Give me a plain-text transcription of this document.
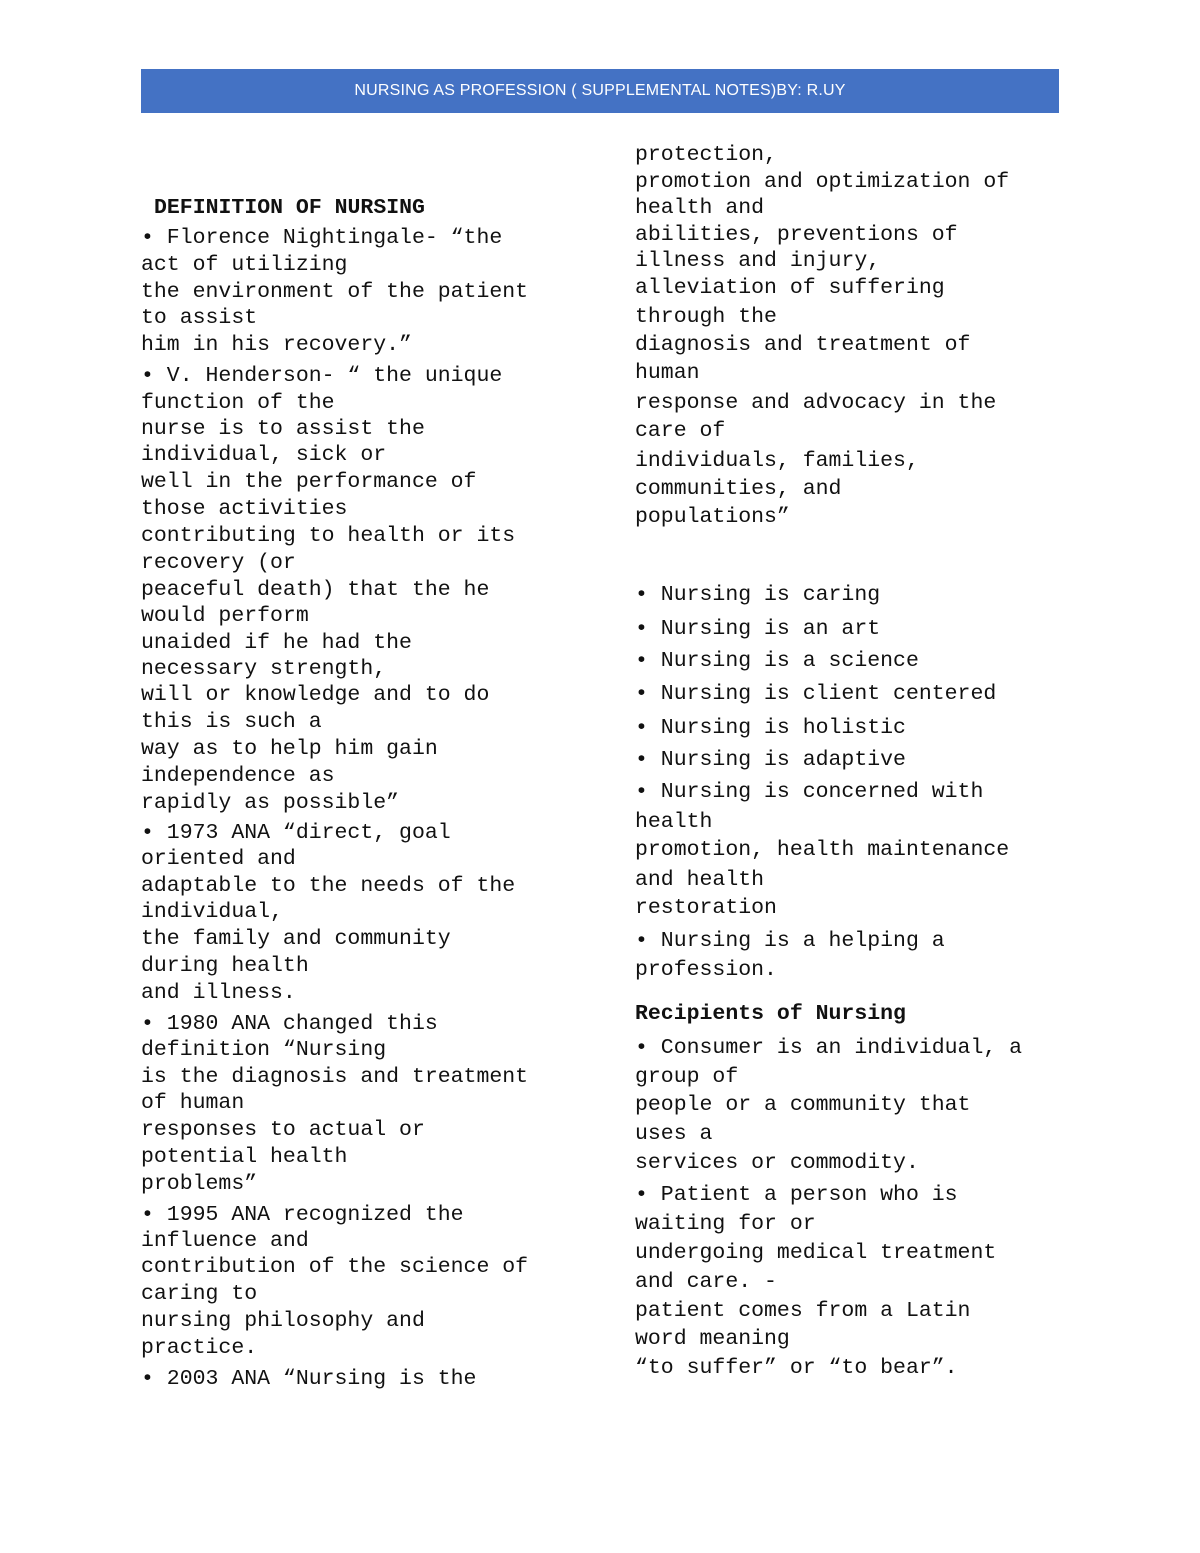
NURSING AS PROFESSION ( SUPPLEMENTAL NOTES)BY: R.UY

DEFINITION OF NURSING

• Florence Nightingale- “the

act of utilizing

the environment of the patient

to assist

him in his recovery.”

• V. Henderson- “ the unique

function of the

nurse is to assist the

individual, sick or

well in the performance of

those activities

contributing to health or its

recovery (or

peaceful death) that the he

would perform

unaided if he had the

necessary strength,

will or knowledge and to do

this is such a

way as to help him gain

independence as

rapidly as possible”

• 1973 ANA “direct, goal

oriented and

adaptable to the needs of the

individual,

the family and community

during health

and illness.

• 1980 ANA changed this

definition “Nursing

is the diagnosis and treatment

of human

responses to actual or

potential health

problems”

• 1995 ANA recognized the

influence and

contribution of the science of

caring to

nursing philosophy and

practice.

• 2003 ANA “Nursing is the

protection,

promotion and optimization of

health and

abilities, preventions of

illness and injury,

alleviation of suffering

through the

diagnosis and treatment of

human

response and advocacy in the

care of

individuals, families,

communities, and

populations”

• Nursing is caring

• Nursing is an art

• Nursing is a science

• Nursing is client centered

• Nursing is holistic

• Nursing is adaptive

• Nursing is concerned with

health

promotion, health maintenance

and health

restoration

• Nursing is a helping a

profession.

Recipients of Nursing

• Consumer is an individual, a

group of

people or a community that

uses a

services or commodity.

• Patient a person who is

waiting for or

undergoing medical treatment

and care. -

patient comes from a Latin

word meaning

“to suffer” or “to bear”.
